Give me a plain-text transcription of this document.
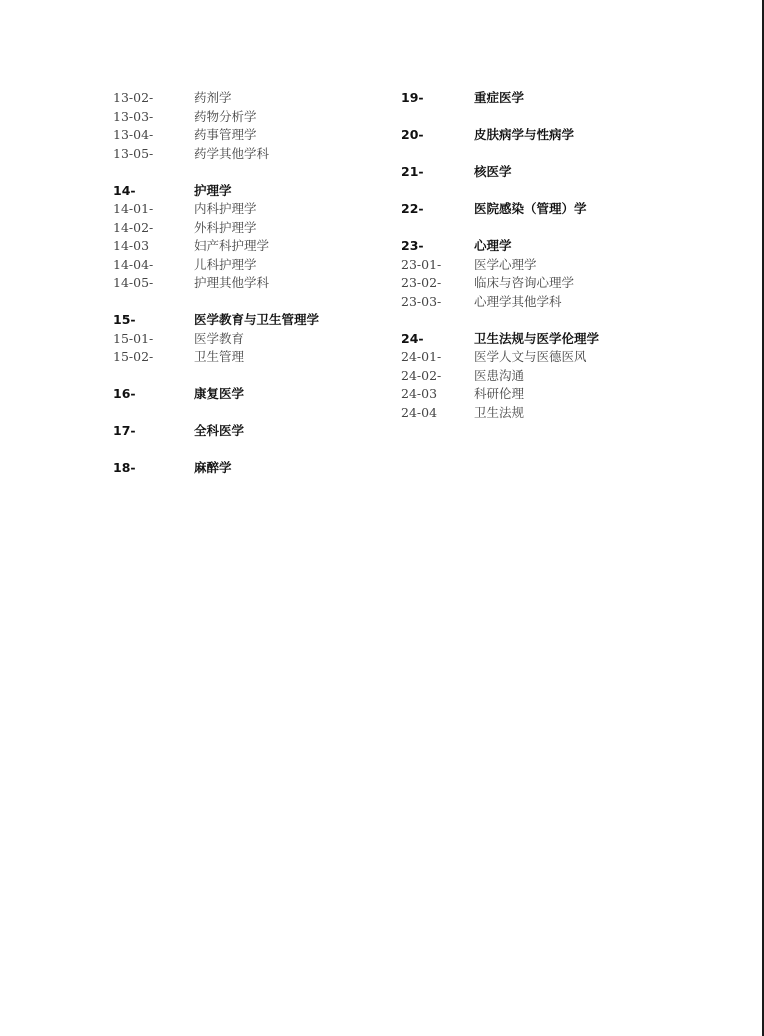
13-02-	药剂学
13-03-	药物分析学
13-04-	药事管理学
13-05-	药学其他学科
14-	护理学
14-01-	内科护理学
14-02-	外科护理学
14-03	妇产科护理学
14-04-	儿科护理学
14-05-	护理其他学科
15-	医学教育与卫生管理学
15-01-	医学教育
15-02-	卫生管理
16-	康复医学
17-	全科医学
18-	麻醉学
19-	重症医学
20-	皮肤病学与性病学
21-	核医学
22-	医院感染（管理）学
23-	心理学
23-01-	医学心理学
23-02-	临床与咨询心理学
23-03-	心理学其他学科
24-	卫生法规与医学伦理学
24-01-	医学人文与医德医风
24-02-	医患沟通
24-03	科研伦理
24-04	卫生法规
